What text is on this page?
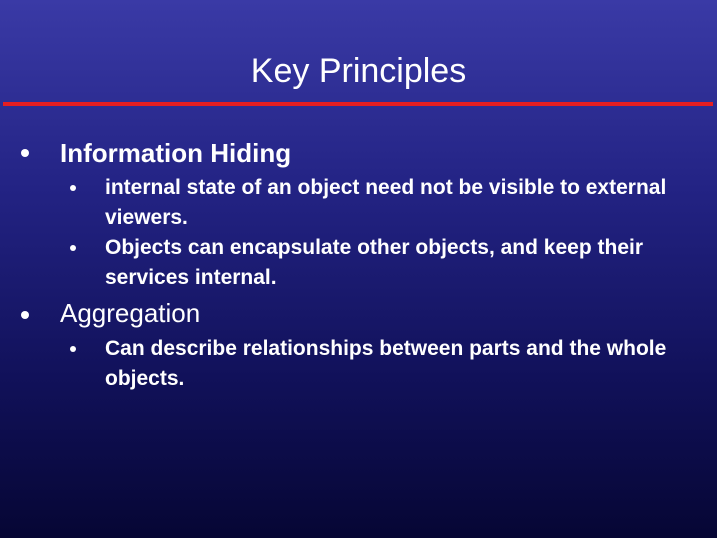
Key Principles

Information Hiding

internal state of an object need not be visible to external viewers.

Objects can encapsulate other objects, and keep their services internal.

Aggregation

Can describe relationships between parts and the whole objects.
